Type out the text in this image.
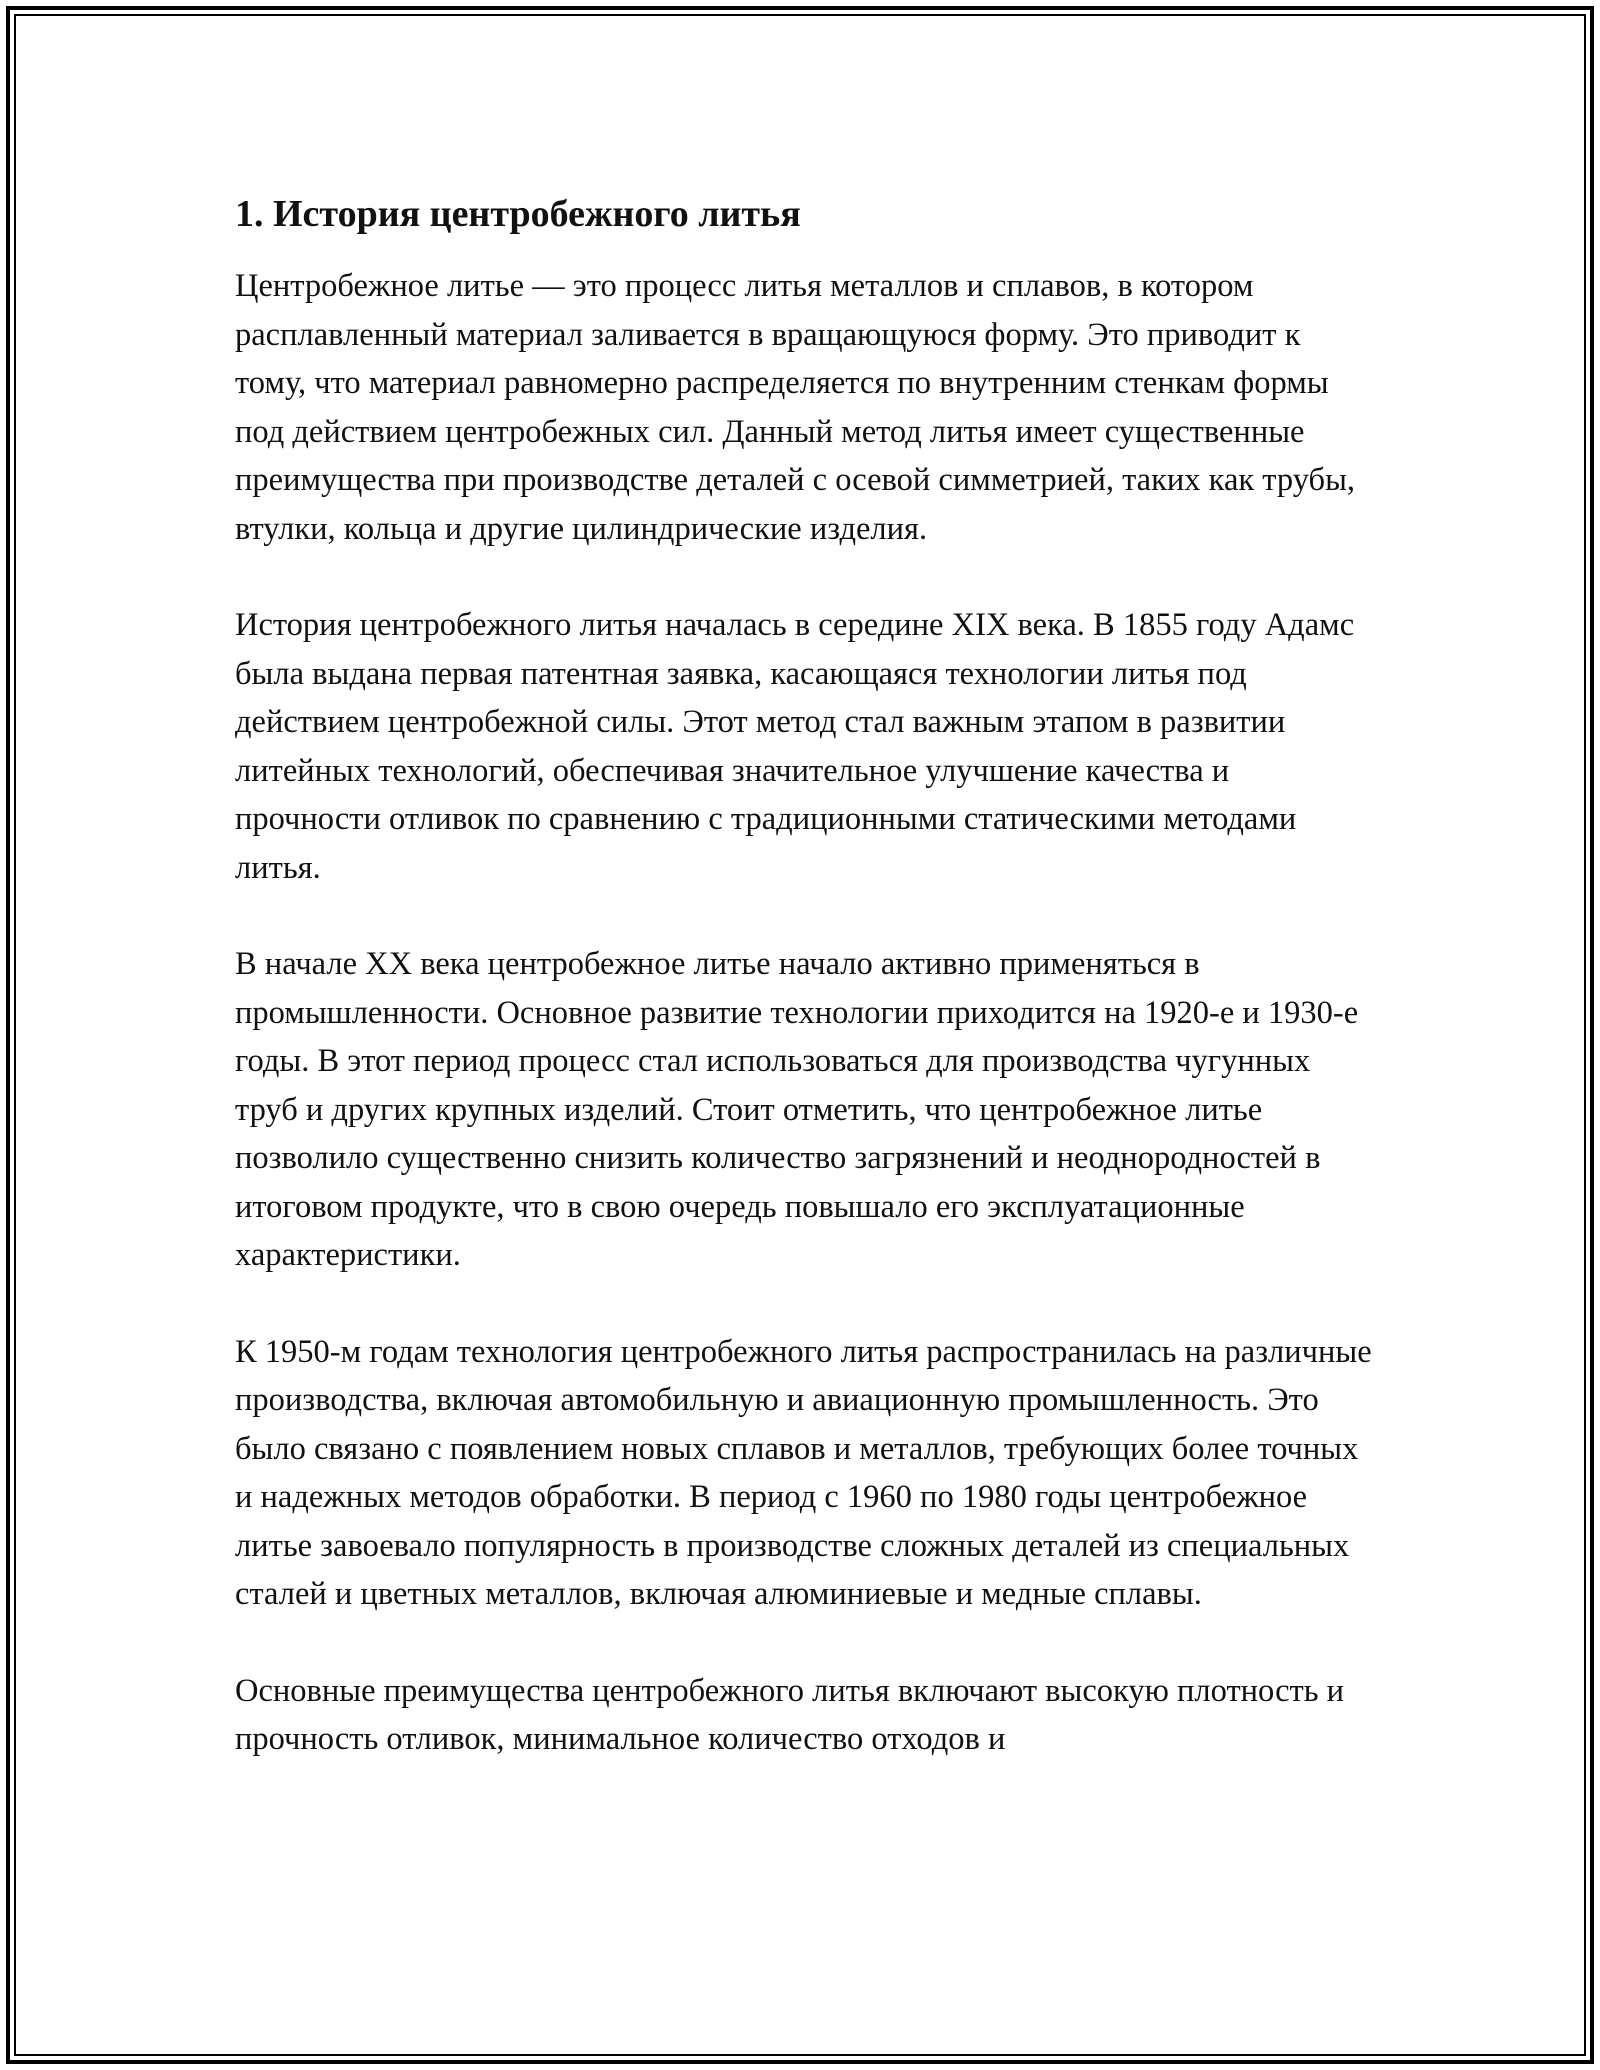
1. История центробежного литья

Центробежное литье — это процесс литья металлов и сплавов, в котором расплавленный материал заливается в вращающуюся форму. Это приводит к тому, что материал равномерно распределяется по внутренним стенкам формы под действием центробежных сил. Данный метод литья имеет существенные преимущества при производстве деталей с осевой симметрией, таких как трубы, втулки, кольца и другие цилиндрические изделия.

История центробежного литья началась в середине XIX века. В 1855 году Адамс была выдана первая патентная заявка, касающаяся технологии литья под действием центробежной силы. Этот метод стал важным этапом в развитии литейных технологий, обеспечивая значительное улучшение качества и прочности отливок по сравнению с традиционными статическими методами литья.

В начале XX века центробежное литье начало активно применяться в промышленности. Основное развитие технологии приходится на 1920-е и 1930-е годы. В этот период процесс стал использоваться для производства чугунных труб и других крупных изделий. Стоит отметить, что центробежное литье позволило существенно снизить количество загрязнений и неоднородностей в итоговом продукте, что в свою очередь повышало его эксплуатационные характеристики.

К 1950-м годам технология центробежного литья распространилась на различные производства, включая автомобильную и авиационную промышленность. Это было связано с появлением новых сплавов и металлов, требующих более точных и надежных методов обработки. В период с 1960 по 1980 годы центробежное литье завоевало популярность в производстве сложных деталей из специальных сталей и цветных металлов, включая алюминиевые и медные сплавы.

Основные преимущества центробежного литья включают высокую плотность и прочность отливок, минимальное количество отходов и
